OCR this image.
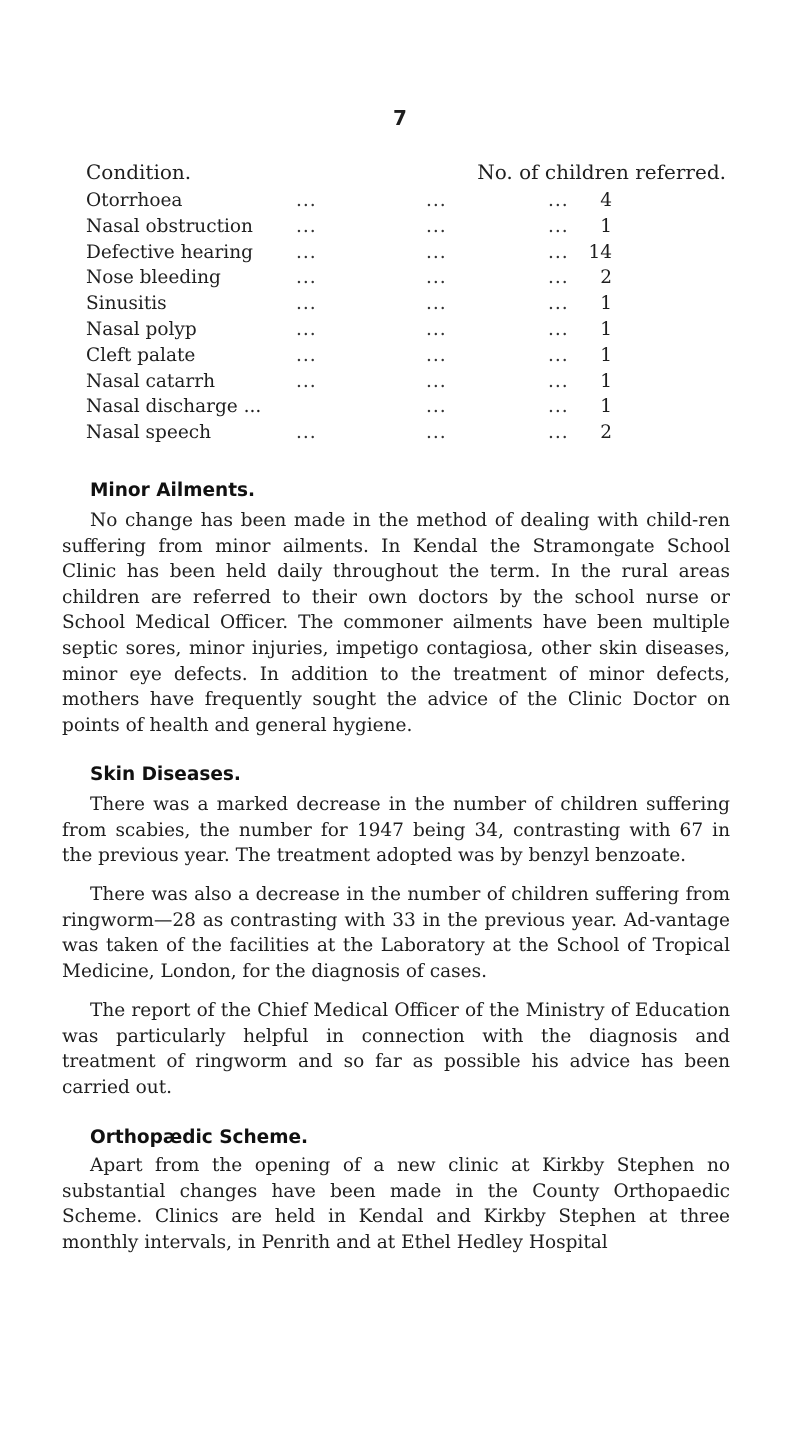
7
Condition.	No. of children referred.
Otorrhoea	...	...	... 4
Nasal obstruction ...	...	... 1
Defective hearing ...	...	... 14
Nose bleeding	...	...	... 2
Sinusitis	...	...	... 1
Nasal polyp	...	...	... 1
Cleft palate	...	...	... 1
Nasal catarrh	...	...	... 1
Nasal discharge ...	...	... 1
Nasal speech	...	...	... 2
Minor Ailments.

No change has been made in the method of dealing with child-ren suffering from minor ailments. In Kendal the Stramongate School Clinic has been held daily throughout the term. In the rural areas children are referred to their own doctors by the school nurse or School Medical Officer. The commoner ailments have been multiple septic sores, minor injuries, impetigo contagiosa, other skin diseases, minor eye defects. In addition to the treatment of minor defects, mothers have frequently sought the advice of the Clinic Doctor on points of health and general hygiene.

Skin Diseases.

There was a marked decrease in the number of children suffering from scabies, the number for 1947 being 34, contrasting with 67 in the previous year. The treatment adopted was by benzyl benzoate.

There was also a decrease in the number of children suffering from ringworm—28 as contrasting with 33 in the previous year. Ad-vantage was taken of the facilities at the Laboratory at the School of Tropical Medicine, London, for the diagnosis of cases.

The report of the Chief Medical Officer of the Ministry of Education was particularly helpful in connection with the diagnosis and treatment of ringworm and so far as possible his advice has been carried out.

Orthopædic Scheme.

Apart from the opening of a new clinic at Kirkby Stephen no substantial changes have been made in the County Orthopaedic Scheme. Clinics are held in Kendal and Kirkby Stephen at three monthly intervals, in Penrith and at Ethel Hedley Hospital
